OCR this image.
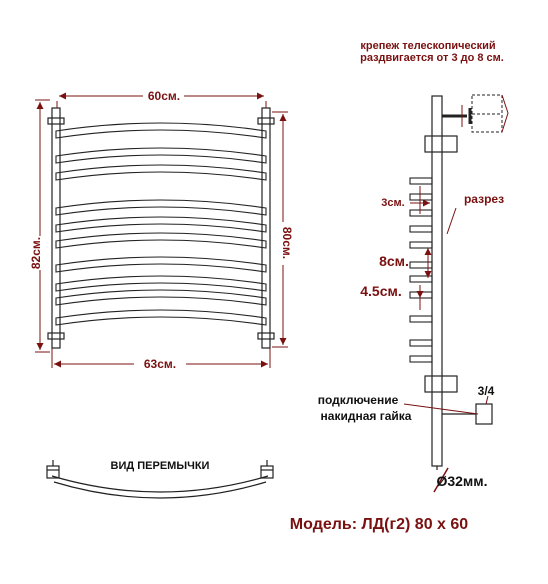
60см.
63см.
82см.	80см.
ВИД ПЕРЕМЫЧКИ
крепеж телескопический
раздвигается от 3 до 8 см.
3см.	разрез
8см.
4.5см.
подключение
накидная гайка
3/4
Ø32мм.
Модель: ЛД(г2) 80 x 60
